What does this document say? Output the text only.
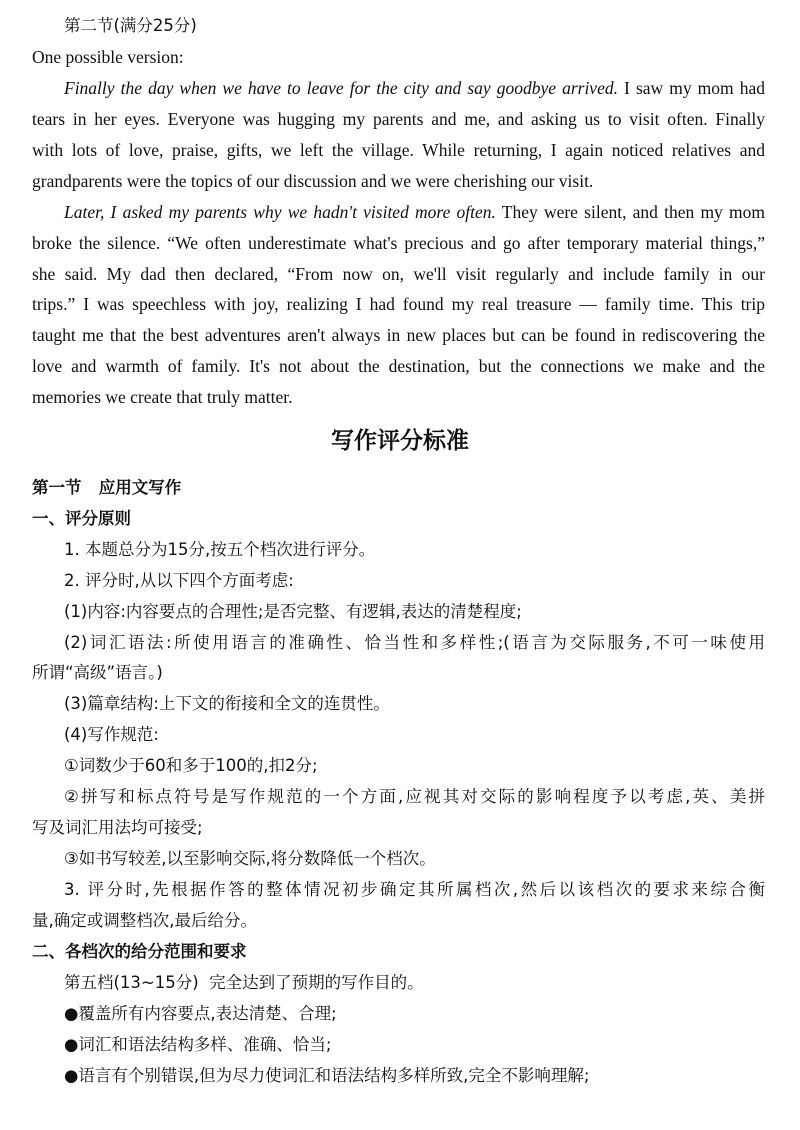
第二节(满分25分)
One possible version:
Finally the day when we have to leave for the city and say goodbye arrived. I saw my mom had
tears in her eyes. Everyone was hugging my parents and me, and asking us to visit often. Finally
with lots of love, praise, gifts, we left the village. While returning, I again noticed relatives and
grandparents were the topics of our discussion and we were cherishing our visit.
Later, I asked my parents why we hadn't visited more often. They were silent, and then my mom
broke the silence. “We often underestimate what's precious and go after temporary material things,”
she said. My dad then declared, “From now on, we'll visit regularly and include family in our
trips.” I was speechless with joy, realizing I had found my real treasure — family time. This trip
taught me that the best adventures aren't always in new places but can be found in rediscovering the
love and warmth of family. It's not about the destination, but the connections we make and the
memories we create that truly matter.
写作评分标准
第一节   应用文写作
一、评分原则
1. 本题总分为15分,按五个档次进行评分。
2. 评分时,从以下四个方面考虑:
(1)内容:内容要点的合理性;是否完整、有逻辑,表达的清楚程度;
(2)词汇语法:所使用语言的准确性、恰当性和多样性;(语言为交际服务,不可一味使用
所谓“高级”语言。)
(3)篇章结构:上下文的衔接和全文的连贯性。
(4)写作规范:
①词数少于60和多于100的,扣2分;
②拼写和标点符号是写作规范的一个方面,应视其对交际的影响程度予以考虑,英、美拼
写及词汇用法均可接受;
③如书写较差,以至影响交际,将分数降低一个档次。
3. 评分时,先根据作答的整体情况初步确定其所属档次,然后以该档次的要求来综合衡
量,确定或调整档次,最后给分。
二、各档次的给分范围和要求
第五档(13~15分)  完全达到了预期的写作目的。
●覆盖所有内容要点,表达清楚、合理;
●词汇和语法结构多样、准确、恰当;
●语言有个别错误,但为尽力使词汇和语法结构多样所致,完全不影响理解;
